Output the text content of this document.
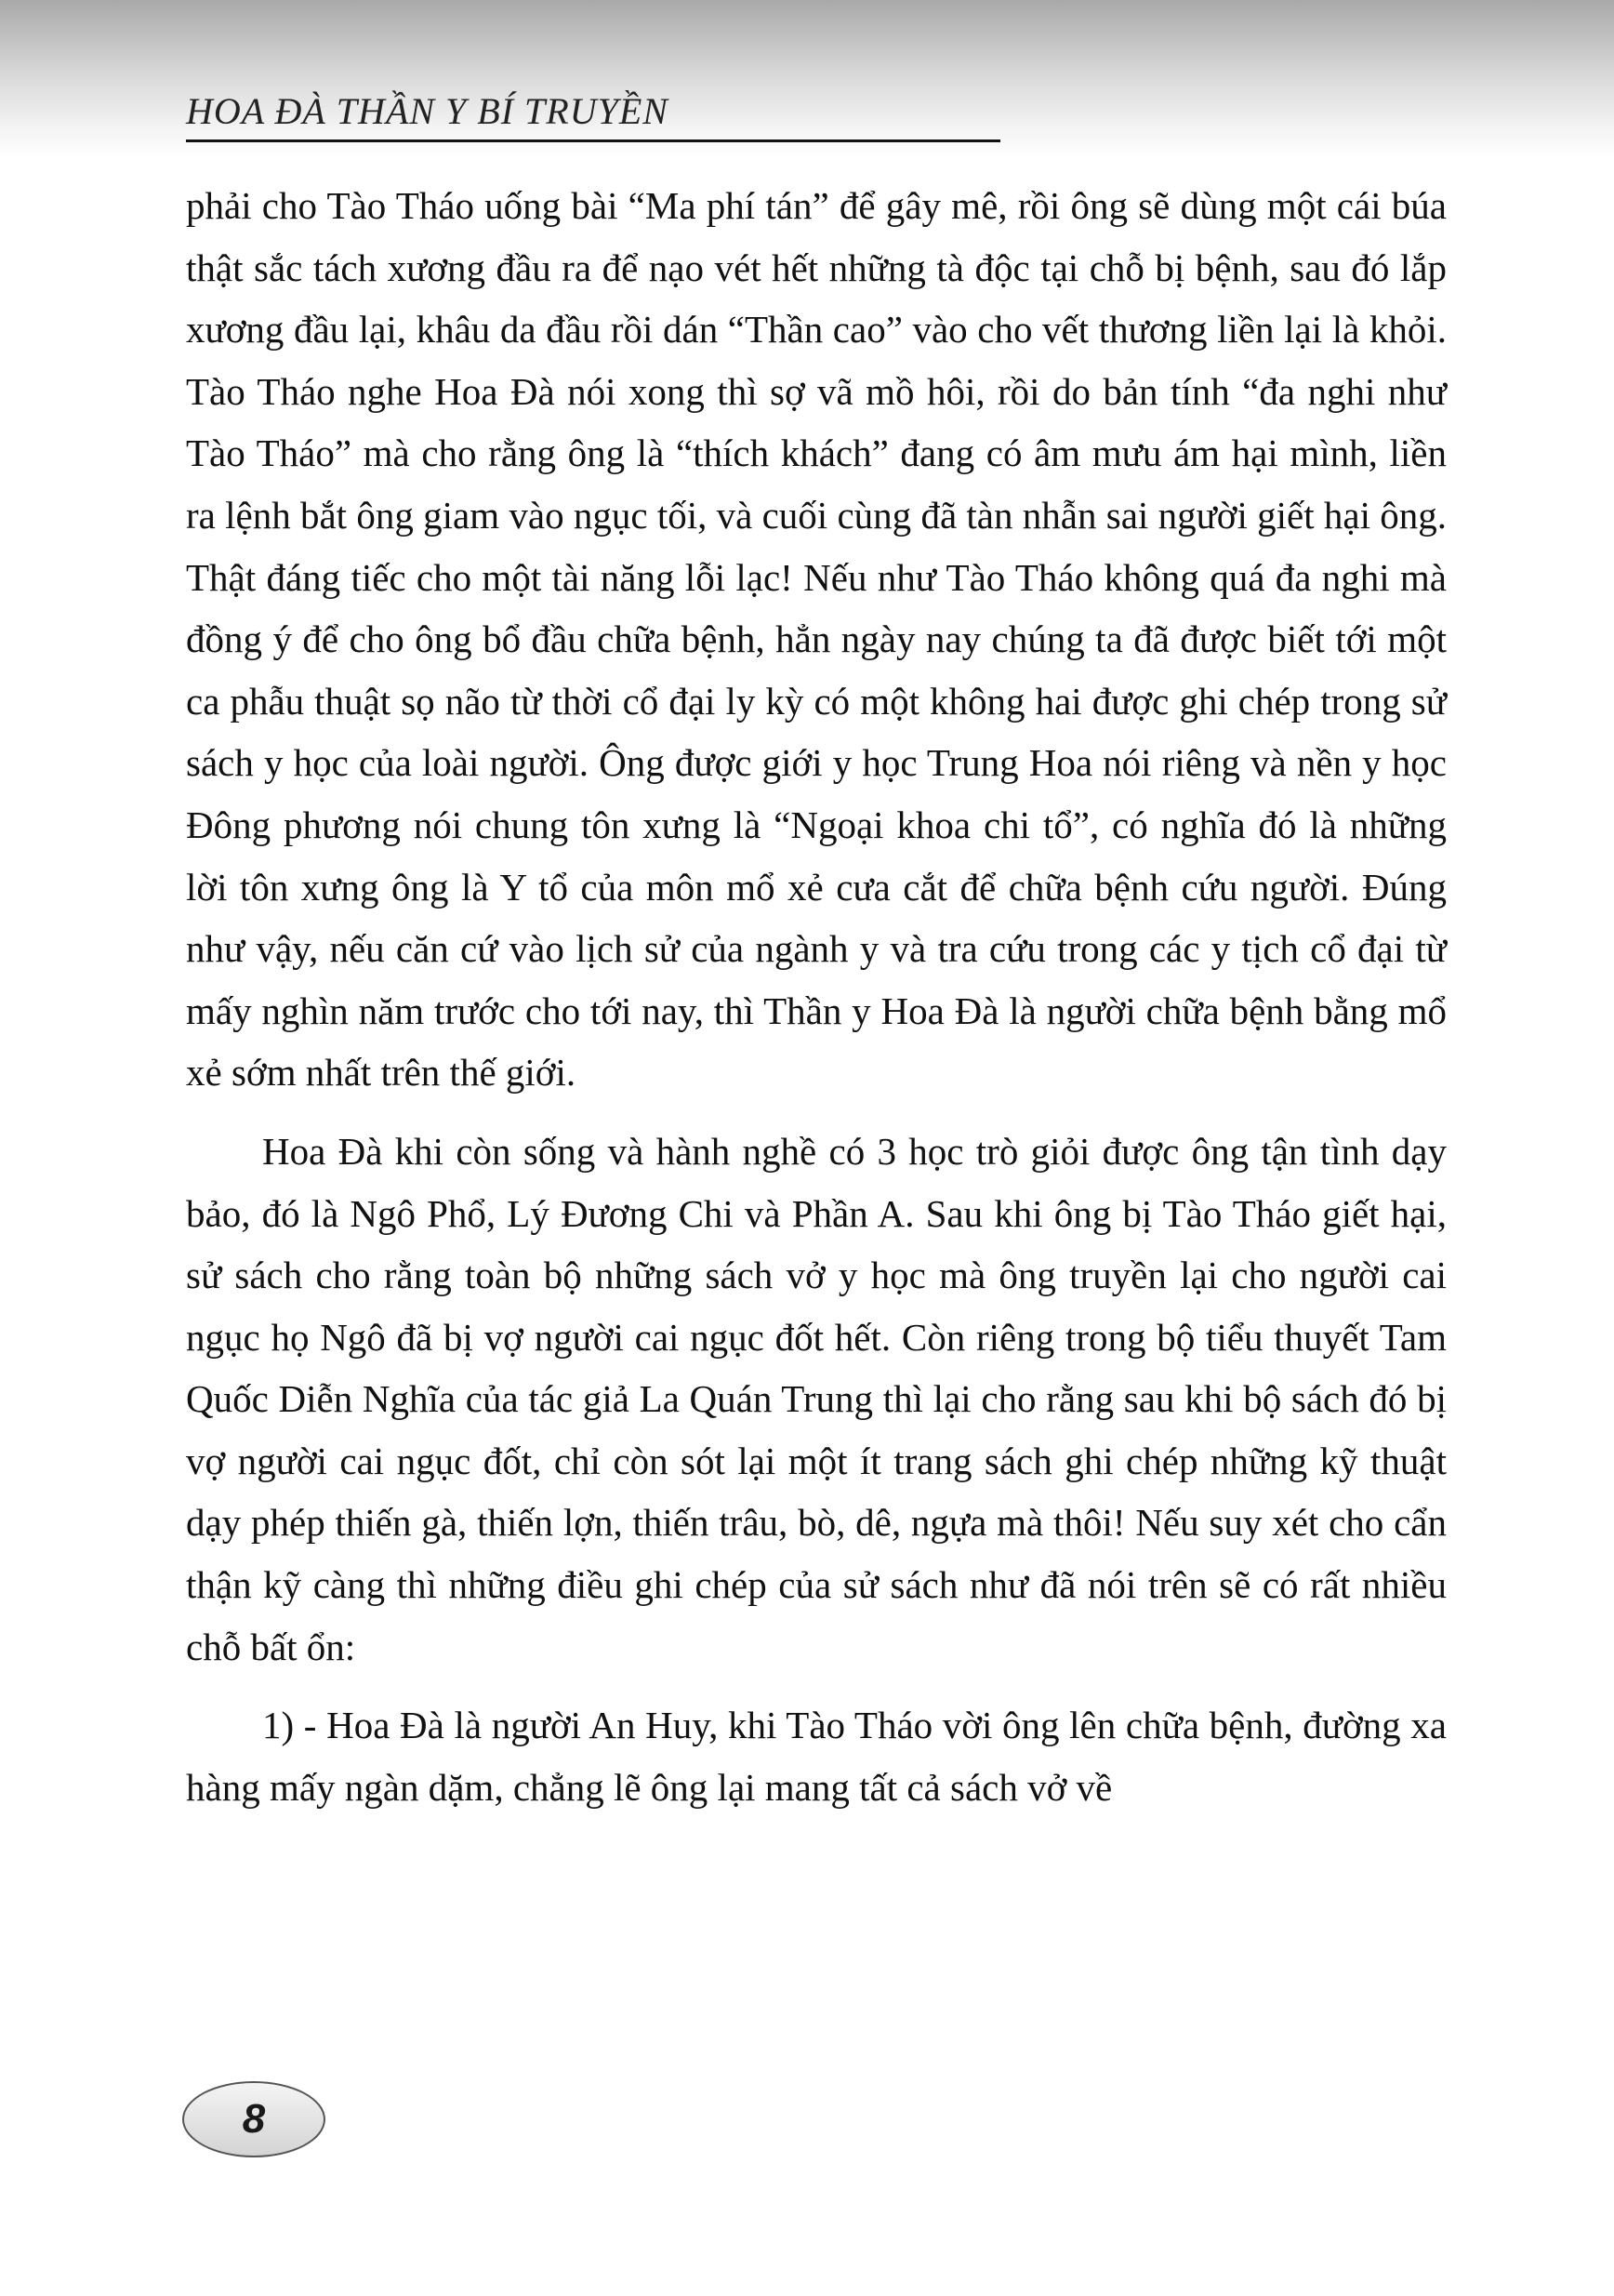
HOA ĐÀ THẦN Y BÍ TRUYỀN

phải cho Tào Tháo uống bài “Ma phí tán” để gây mê, rồi ông sẽ dùng một cái búa thật sắc tách xương đầu ra để nạo vét hết những tà độc tại chỗ bị bệnh, sau đó lắp xương đầu lại, khâu da đầu rồi dán “Thần cao” vào cho vết thương liền lại là khỏi. Tào Tháo nghe Hoa Đà nói xong thì sợ vã mồ hôi, rồi do bản tính “đa nghi như Tào Tháo” mà cho rằng ông là “thích khách” đang có âm mưu ám hại mình, liền ra lệnh bắt ông giam vào ngục tối, và cuối cùng đã tàn nhẫn sai người giết hại ông. Thật đáng tiếc cho một tài năng lỗi lạc! Nếu như Tào Tháo không quá đa nghi mà đồng ý để cho ông bổ đầu chữa bệnh, hẳn ngày nay chúng ta đã được biết tới một ca phẫu thuật sọ não từ thời cổ đại ly kỳ có một không hai được ghi chép trong sử sách y học của loài người. Ông được giới y học Trung Hoa nói riêng và nền y học Đông phương nói chung tôn xưng là “Ngoại khoa chi tổ”, có nghĩa đó là những lời tôn xưng ông là Y tổ của môn mổ xẻ cưa cắt để chữa bệnh cứu người. Đúng như vậy, nếu căn cứ vào lịch sử của ngành y và tra cứu trong các y tịch cổ đại từ mấy nghìn năm trước cho tới nay, thì Thần y Hoa Đà là người chữa bệnh bằng mổ xẻ sớm nhất trên thế giới.

Hoa Đà khi còn sống và hành nghề có 3 học trò giỏi được ông tận tình dạy bảo, đó là Ngô Phổ, Lý Đương Chi và Phần A. Sau khi ông bị Tào Tháo giết hại, sử sách cho rằng toàn bộ những sách vở y học mà ông truyền lại cho người cai ngục họ Ngô đã bị vợ người cai ngục đốt hết. Còn riêng trong bộ tiểu thuyết Tam Quốc Diễn Nghĩa của tác giả La Quán Trung thì lại cho rằng sau khi bộ sách đó bị vợ người cai ngục đốt, chỉ còn sót lại một ít trang sách ghi chép những kỹ thuật dạy phép thiến gà, thiến lợn, thiến trâu, bò, dê, ngựa mà thôi! Nếu suy xét cho cẩn thận kỹ càng thì những điều ghi chép của sử sách như đã nói trên sẽ có rất nhiều chỗ bất ổn:

1) - Hoa Đà là người An Huy, khi Tào Tháo vời ông lên chữa bệnh, đường xa hàng mấy ngàn dặm, chẳng lẽ ông lại mang tất cả sách vở về

8
